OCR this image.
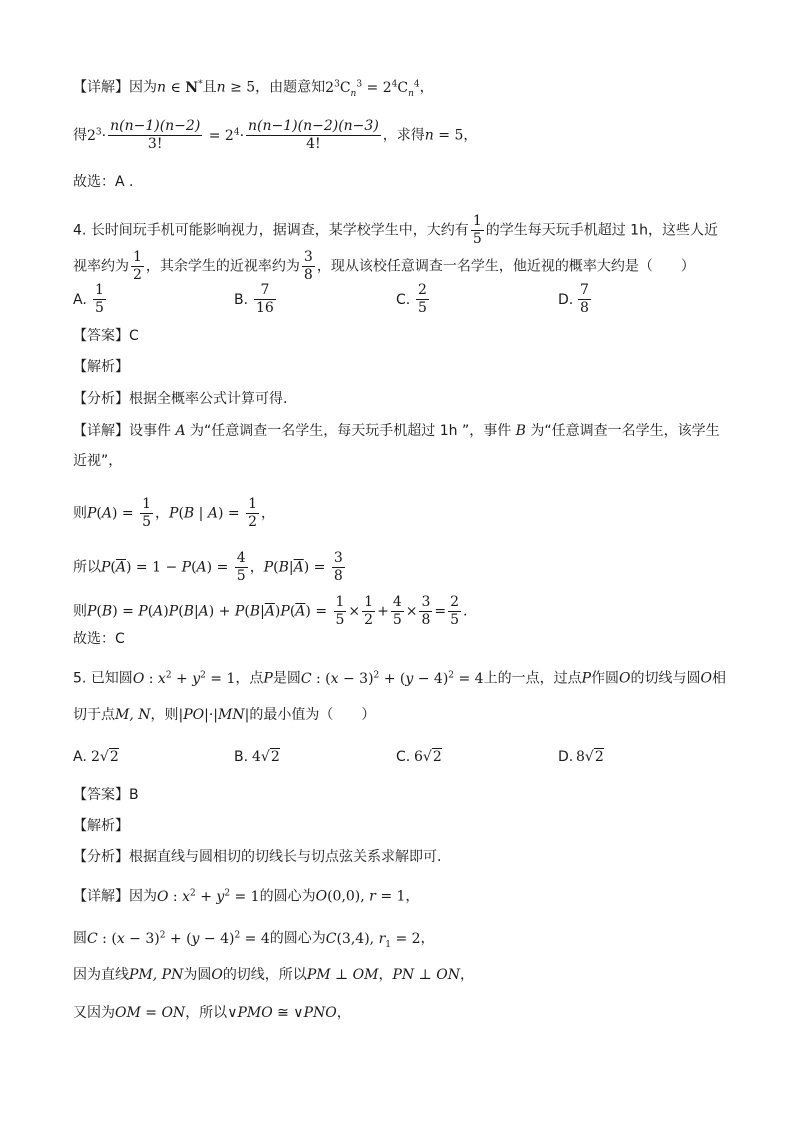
【详解】因为n ∈ N*且n ≥ 5，由题意知$2^3C_n^3 = 2^4C_n^4$，
得$2^3\cdot \frac{n(n-1)(n-2)}{3!} = 2^4\cdot \frac{n(n-1)(n-2)(n-3)}{4!}$ ，求得n = 5，
故选：A .
4. 长时间玩手机可能影响视力，据调查，某学校学生中，大约有 $\frac{1}{5}$ 的学生每天玩手机超过 1h，这些人近
视率约为 $\frac{1}{2}$ ，其余学生的近视率约为 $\frac{3}{8}$ ，现从该校任意调查一名学生，他近视的概率大约是（　　）
A. $\frac{1}{5}$	B. $\frac{7}{16}$	C. $\frac{2}{5}$	D. $\frac{7}{8}$
【答案】C
【解析】
【分析】根据全概率公式计算可得.
【详解】设事件 A 为“任意调查一名学生，每天玩手机超过 1h ”，事件 B 为“任意调查一名学生，该学生
近视”，
则$P(A) = \frac{1}{5}$ ，P(B | $A) = \frac{1}{2}$ ，
所以$P(\overline{A}) = 1 - P(A) = \frac{4}{5}$ ，$P(B|\overline{A}) = \frac{3}{8}$
则$P(B) = P(A)P(B|A) + P(B|\overline{A})P(\overline{A}) = \frac{1}{5} \times \frac{1}{2} + \frac{4}{5} \times \frac{3}{8} = \frac{2}{5}$ .
故选：C
5. 已知圆O : $x^2 + y^2 = 1$，点P是圆C : $(x - 3)^2 + (y - 4)^2 = 4$上的一点，过点P作圆O的切线与圆O相
切于点M, N，则|PO|·|MN|的最小值为（　　）
A. 2√2	B. 4√2	C. 6√2	D. 8√2
【答案】B
【解析】
【分析】根据直线与圆相切的切线长与切点弦关系求解即可.
【详解】因为O : $x^2 + y^2 = 1$的圆心为O(0,0), r = 1，
圆C : $(x - 3)^2 + (y - 4)^2 = 4$的圆心为C(3,4), $r_1 = 2$，
因为直线PM, PN为圆O的切线，所以PM ⊥ OM，PN ⊥ ON，
又因为OM = ON，所以∨PMO ≅ ∨PNO，
